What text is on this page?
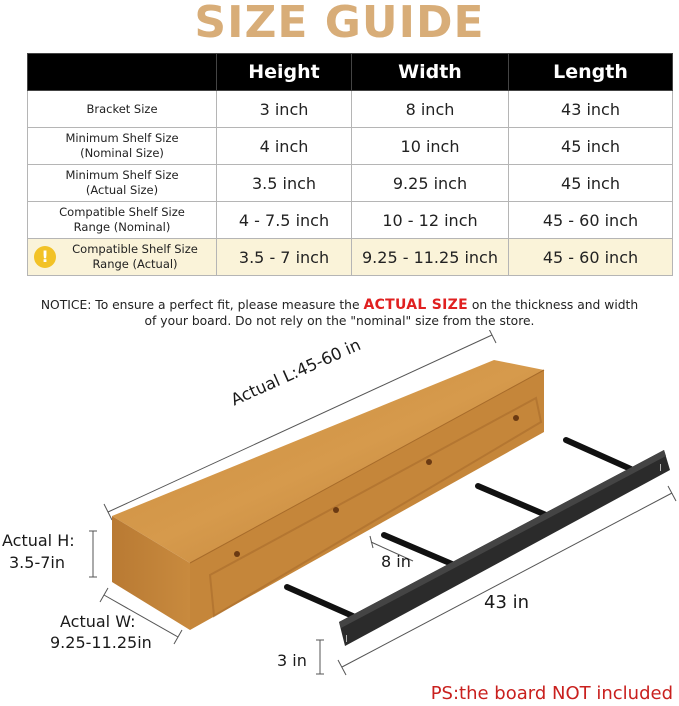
SIZE GUIDE
	Height	Width	Length
Bracket Size	3 inch	8 inch	43 inch
Minimum Shelf Size
(Nominal Size)	4 inch	10 inch	45 inch
Minimum Shelf Size
(Actual Size)	3.5 inch	9.25 inch	45 inch
Compatible Shelf Size
Range (Nominal)	4 - 7.5 inch	10 - 12 inch	45 - 60 inch

! Compatible Shelf Size
Range (Actual)	3.5 - 7 inch	9.25 - 11.25 inch	45 - 60 inch
NOTICE: To ensure a perfect fit, please measure the ACTUAL SIZE on the thickness and width
of your board. Do not rely on the "nominal" size from the store.
I
I
Actual L:45-60 in
Actual H:
3.5-7in
Actual W:
9.25-11.25in
8 in
43 in
3 in
PS:the board NOT included
